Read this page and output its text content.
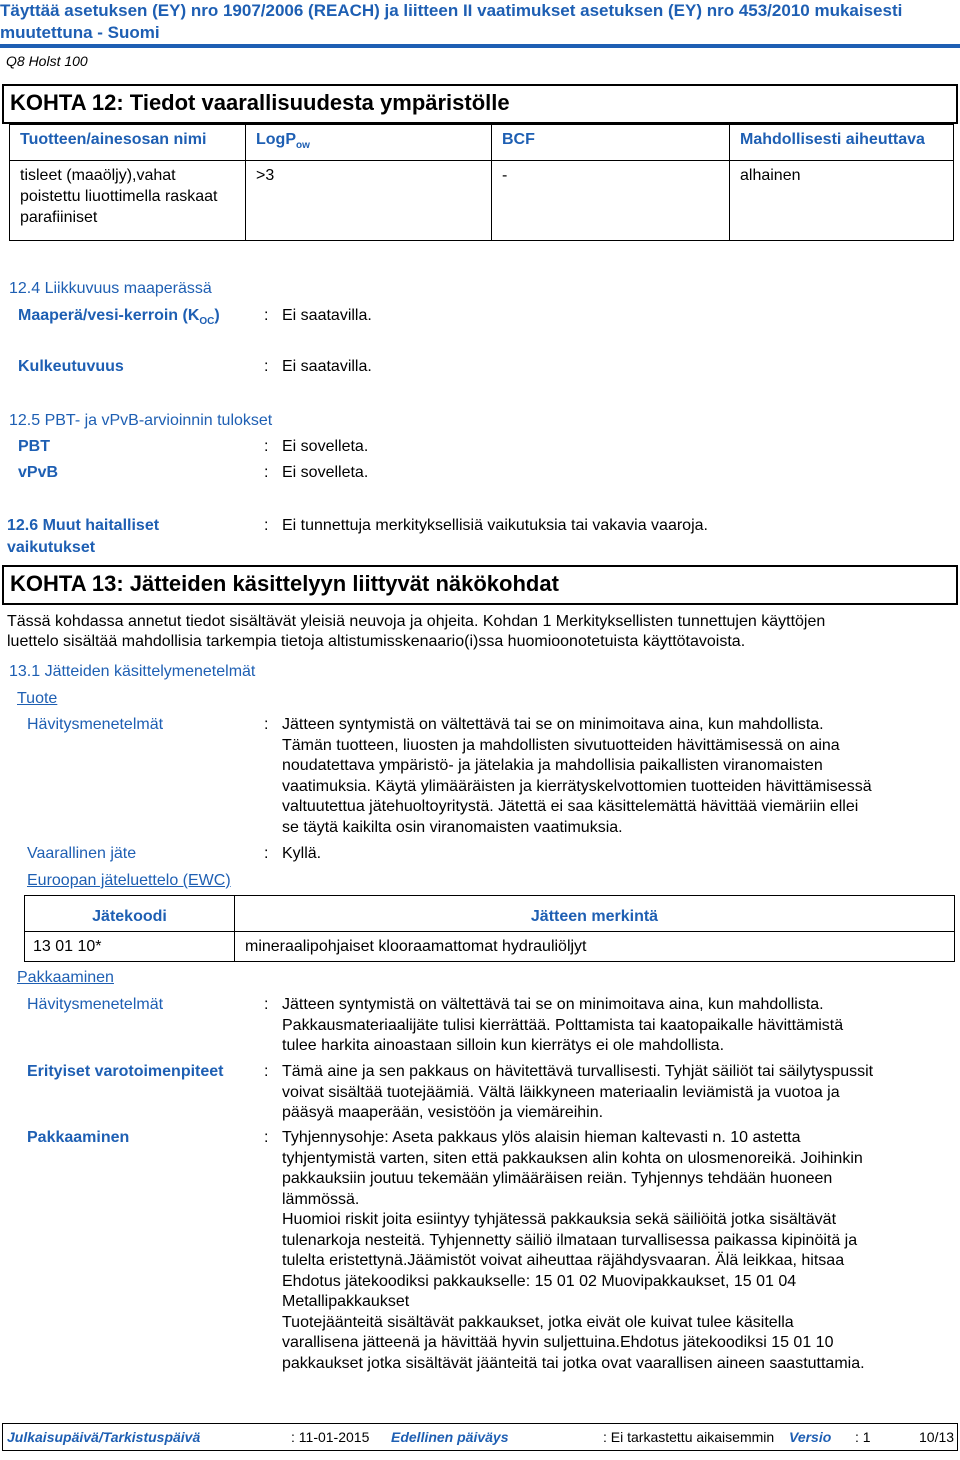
Täyttää asetuksen (EY) nro 1907/2006 (REACH) ja liitteen II vaatimukset asetuksen (EY) nro 453/2010 mukaisesti
muutettuna - Suomi
Q8 Holst 100
KOHTA 12: Tiedot vaarallisuudesta ympäristölle
Tuotteen/ainesosan nimi	LogP$_{ow}$	BCF	Mahdollisesti aiheuttava
tisleet (maaöljy),vahat poistettu liuottimella raskaat parafiiniset	>3	-	alhainen
12.4 Liikkuvuus maaperässä
Maaperä/vesi-kerroin $(K_{OC})$	: Ei saatavilla.
Kulkeutuvuus	: Ei saatavilla.
12.5 PBT- ja vPvB-arvioinnin tulokset
PBT	: Ei sovelleta.
vPvB	: Ei sovelleta.
12.6 Muut haitalliset
vaikutukset
: Ei tunnettuja merkityksellisiä vaikutuksia tai vakavia vaaroja.
KOHTA 13: Jätteiden käsittelyyn liittyvät näkökohdat
Tässä kohdassa annetut tiedot sisältävät yleisiä neuvoja ja ohjeita. Kohdan 1 Merkityksellisten tunnettujen käyttöjen
luettelo sisältää mahdollisia tarkempia tietoja altistumisskenaario(i)ssa huomioonotetuista käyttötavoista.
13.1 Jätteiden käsittelymenetelmät
Tuote
Hävitysmenetelmät	: Jätteen syntymistä on vältettävä tai se on minimoitava aina, kun mahdollista.
Tämän tuotteen, liuosten ja mahdollisten sivutuotteiden hävittämisessä on aina
noudatettava ympäristö- ja jätelakia ja mahdollisia paikallisten viranomaisten
vaatimuksia. Käytä ylimääräisten ja kierrätyskelvottomien tuotteiden hävittämisessä
valtuutettua jätehuoltoyritystä. Jätettä ei saa käsittelemättä hävittää viemäriin ellei
se täytä kaikilta osin viranomaisten vaatimuksia.
Vaarallinen jäte	: Kyllä.
Euroopan jäteluettelo (EWC)
Jätekoodi	Jätteen merkintä
13 01 10*	mineraalipohjaiset klooraamattomat hydrauliöljyt
Pakkaaminen
Hävitysmenetelmät	: Jätteen syntymistä on vältettävä tai se on minimoitava aina, kun mahdollista.
Pakkausmateriaalijäte tulisi kierrättää. Polttamista tai kaatopaikalle hävittämistä
tulee harkita ainoastaan silloin kun kierrätys ei ole mahdollista.
Erityiset varotoimenpiteet	: Tämä aine ja sen pakkaus on hävitettävä turvallisesti. Tyhjät säiliöt tai säilytyspussit
voivat sisältää tuotejäämiä. Vältä läikkyneen materiaalin leviämistä ja vuotoa ja
pääsyä maaperään, vesistöön ja viemäreihin.
Pakkaaminen	: Tyhjennysohje: Aseta pakkaus ylös alaisin hieman kaltevasti n. 10 astetta
tyhjentymistä varten, siten että pakkauksen alin kohta on ulosmenoreikä. Joihinkin
pakkauksiin joutuu tekemään ylimääräisen reiän. Tyhjennys tehdään huoneen
lämmössä.
Huomioi riskit joita esiintyy tyhjätessä pakkauksia sekä säiliöitä jotka sisältävät
tulenarkoja nesteitä. Tyhjennetty säiliö ilmataan turvallisessa paikassa kipinöitä ja
tulelta eristettynä.Jäämistöt voivat aiheuttaa räjähdysvaaran. Älä leikkaa, hitsaa
Ehdotus jätekoodiksi pakkaukselle: 15 01 02 Muovipakkaukset, 15 01 04
Metallipakkaukset
Tuotejäänteitä sisältävät pakkaukset, jotka eivät ole kuivat tulee käsitella
varallisena jätteenä ja hävittää hyvin suljettuina.Ehdotus jätekoodiksi 15 01 10
pakkaukset jotka sisältävät jäänteitä tai jotka ovat vaarallisen aineen saastuttamia.
Julkaisupäivä/Tarkistuspäivä	: 11-01-2015 Edellinen päiväys	: Ei tarkastettu aikaisemmin Versio : 1	10/13
